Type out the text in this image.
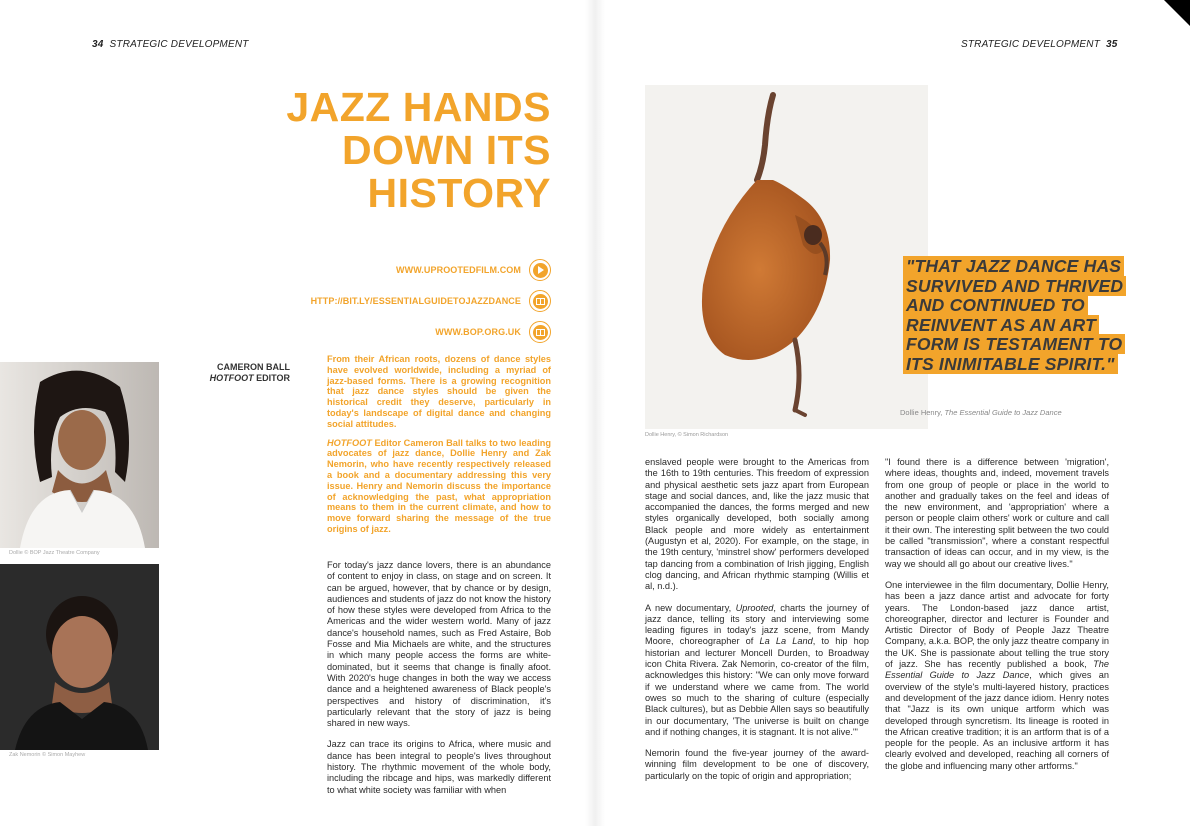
34 STRATEGIC DEVELOPMENT
JAZZ HANDS
DOWN ITS
HISTORY
WWW.UPROOTEDFILM.COM
HTTP://BIT.LY/ESSENTIALGUIDETOJAZZDANCE
WWW.BOP.ORG.UK
Dollie © BOP Jazz Theatre Company
Zak Nemorin © Simon Mayhew
CAMERON BALL
HOTFOOT EDITOR

From their African roots, dozens of dance styles have evolved worldwide, including a myriad of jazz-based forms. There is a growing recognition that jazz dance styles should be given the historical credit they deserve, particularly in today's landscape of digital dance and changing social attitudes.

HOTFOOT Editor Cameron Ball talks to two leading advocates of jazz dance, Dollie Henry and Zak Nemorin, who have recently respectively released a book and a documentary addressing this very issue. Henry and Nemorin discuss the importance of acknowledging the past, what appropriation means to them in the current climate, and how to move forward sharing the message of the true origins of jazz.

For today's jazz dance lovers, there is an abundance of content to enjoy in class, on stage and on screen. It can be argued, however, that by chance or by design, audiences and students of jazz do not know the history of how these styles were developed from Africa to the Americas and the wider western world. Many of jazz dance's household names, such as Fred Astaire, Bob Fosse and Mia Michaels are white, and the structures in which many people access the forms are white-dominated, but it seems that change is finally afoot. With 2020's huge changes in both the way we access dance and a heightened awareness of Black people's perspectives and history of discrimination, it's particularly relevant that the story of jazz is being shared in new ways.

Jazz can trace its origins to Africa, where music and dance has been integral to people's lives throughout history. The rhythmic movement of the whole body, including the ribcage and hips, was markedly different to what white society was familiar with when

STRATEGIC DEVELOPMENT 35
Dollie Henry, © Simon Richardson
"THAT JAZZ DANCE HAS SURVIVED AND THRIVED AND CONTINUED TO REINVENT AS AN ART FORM IS TESTAMENT TO ITS INIMITABLE SPIRIT."
Dollie Henry, The Essential Guide to Jazz Dance

enslaved people were brought to the Americas from the 16th to 19th centuries. This freedom of expression and physical aesthetic sets jazz apart from European stage and social dances, and, like the jazz music that accompanied the dances, the forms merged and new styles organically developed, both socially among Black people and more widely as entertainment (Augustyn et al, 2020). For example, on the stage, in the 19th century, 'minstrel show' performers developed tap dancing from a combination of Irish jigging, English clog dancing, and African rhythmic stamping (Willis et al, n.d.).

A new documentary, Uprooted, charts the journey of jazz dance, telling its story and interviewing some leading figures in today's jazz scene, from Mandy Moore, choreographer of La La Land, to hip hop historian and lecturer Moncell Durden, to Broadway icon Chita Rivera. Zak Nemorin, co-creator of the film, acknowledges this history: "We can only move forward if we understand where we came from. The world owes so much to the sharing of culture (especially Black cultures), but as Debbie Allen says so beautifully in our documentary, 'The universe is built on change and if nothing changes, it is stagnant. It is not alive.'"

Nemorin found the five-year journey of the award-winning film development to be one of discovery, particularly on the topic of origin and appropriation;

"I found there is a difference between 'migration', where ideas, thoughts and, indeed, movement travels from one group of people or place in the world to another and gradually takes on the feel and ideas of the new environment, and 'appropriation' where a person or people claim others' work or culture and call it their own. The interesting split between the two could be called "transmission", where a constant respectful transaction of ideas can occur, and in my view, is the way we should all go about our creative lives."

One interviewee in the film documentary, Dollie Henry, has been a jazz dance artist and advocate for forty years. The London-based jazz dance artist, choreographer, director and lecturer is Founder and Artistic Director of Body of People Jazz Theatre Company, a.k.a. BOP, the only jazz theatre company in the UK. She is passionate about telling the true story of jazz. She has recently published a book, The Essential Guide to Jazz Dance, which gives an overview of the style's multi-layered history, practices and development of the jazz dance idiom. Henry notes that "Jazz is its own unique artform which was developed through syncretism. Its lineage is rooted in the African creative tradition; it is an artform that is of a people for the people. As an inclusive artform it has clearly evolved and developed, reaching all corners of the globe and influencing many other artforms."
